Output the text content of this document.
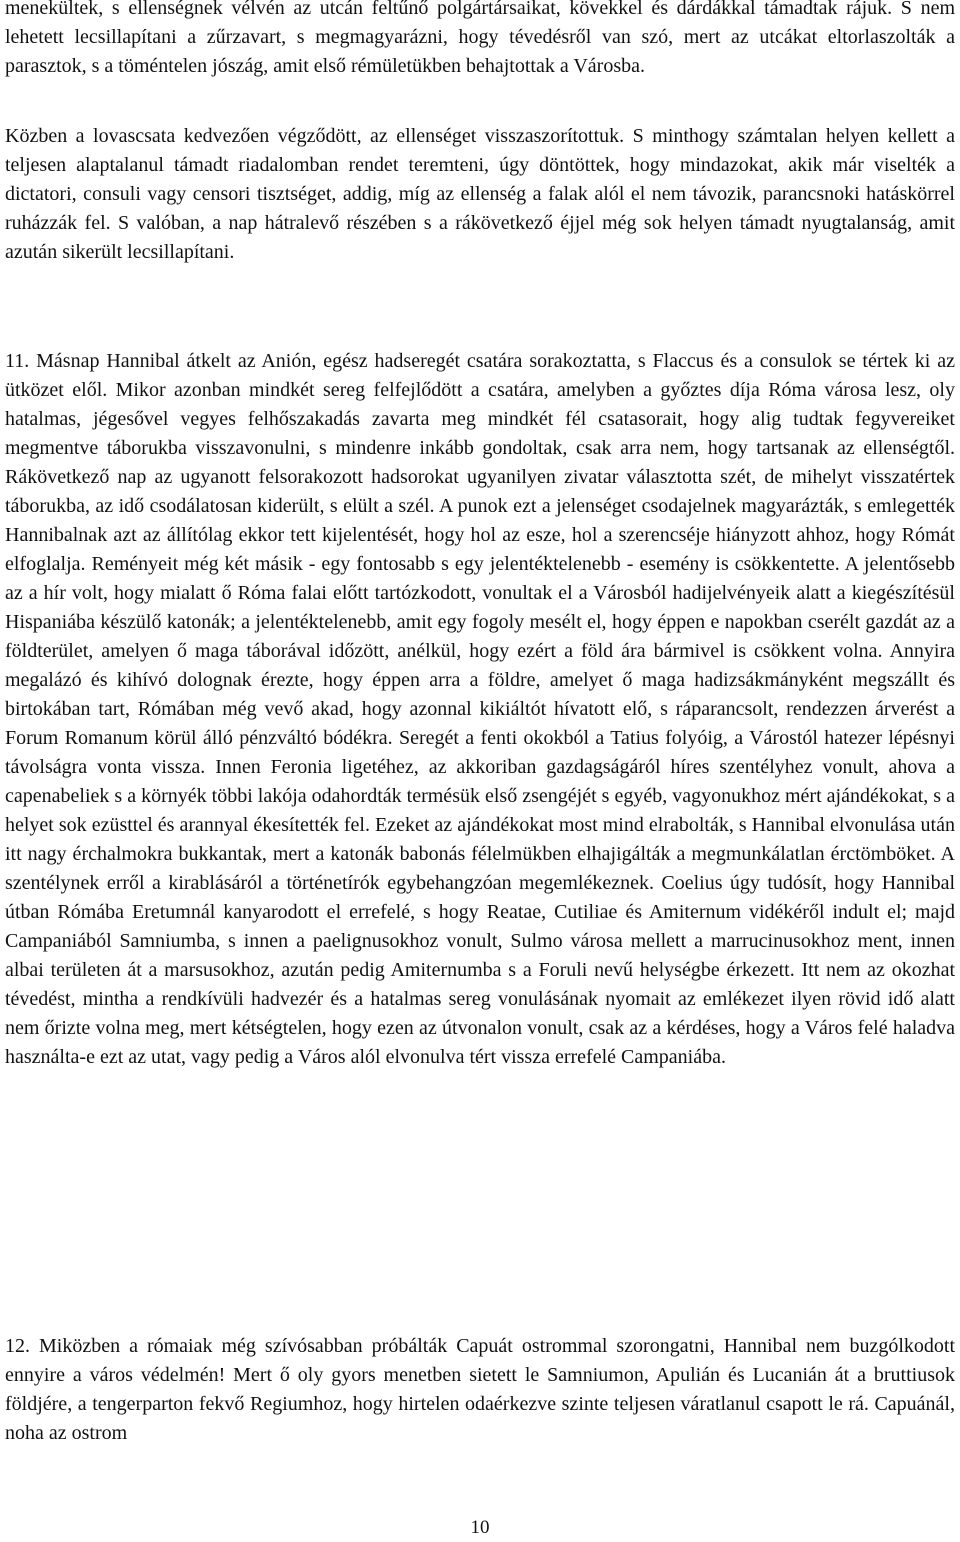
menekültek, s ellenségnek vélvén az utcán feltűnő polgártársaikat, kövekkel és dárdákkal támadtak rájuk. S nem lehetett lecsillapítani a zűrzavart, s megmagyarázni, hogy tévedésről van szó, mert az utcákat eltorlaszolták a parasztok, s a töméntelen jószág, amit első rémületükben behajtottak a Városba.

Közben a lovascsata kedvezően végződött, az ellenséget visszaszorítottuk. S minthogy számtalan helyen kellett a teljesen alaptalanul támadt riadalomban rendet teremteni, úgy döntöttek, hogy mindazokat, akik már viselték a dictatori, consuli vagy censori tisztséget, addig, míg az ellenség a falak alól el nem távozik, parancsnoki hatáskörrel ruházzák fel. S valóban, a nap hátralevő részében s a rákövetkező éjjel még sok helyen támadt nyugtalanság, amit azután sikerült lecsillapítani.

11. Másnap Hannibal átkelt az Anión, egész hadseregét csatára sorakoztatta, s Flaccus és a consulok se tértek ki az ütközet elől. Mikor azonban mindkét sereg felfejlődött a csatára, amelyben a győztes díja Róma városa lesz, oly hatalmas, jégesővel vegyes felhőszakadás zavarta meg mindkét fél csatasorait, hogy alig tudtak fegyvereiket megmentve táborukba visszavonulni, s mindenre inkább gondoltak, csak arra nem, hogy tartsanak az ellenségtől. Rákövetkező nap az ugyanott felsorakozott hadsorokat ugyanilyen zivatar választotta szét, de mihelyt visszatértek táborukba, az idő csodálatosan kiderült, s elült a szél. A punok ezt a jelenséget csodajelnek magyarázták, s emlegették Hannibalnak azt az állítólag ekkor tett kijelentését, hogy hol az esze, hol a szerencséje hiányzott ahhoz, hogy Rómát elfoglalja. Reményeit még két másik - egy fontosabb s egy jelentéktelenebb - esemény is csökkentette. A jelentősebb az a hír volt, hogy mialatt ő Róma falai előtt tartózkodott, vonultak el a Városból hadijelvényeik alatt a kiegészítésül Hispaniába készülő katonák; a jelentéktelenebb, amit egy fogoly mesélt el, hogy éppen e napokban cserélt gazdát az a földterület, amelyen ő maga táborával időzött, anélkül, hogy ezért a föld ára bármivel is csökkent volna. Annyira megalázó és kihívó dolognak érezte, hogy éppen arra a földre, amelyet ő maga hadizsákmányként megszállt és birtokában tart, Rómában még vevő akad, hogy azonnal kikiáltót hívatott elő, s ráparancsolt, rendezzen árverést a Forum Romanum körül álló pénzváltó bódékra. Seregét a fenti okokból a Tatius folyóig, a Várostól hatezer lépésnyi távolságra vonta vissza. Innen Feronia ligetéhez, az akkoriban gazdagságáról híres szentélyhez vonult, ahova a capenabeliek s a környék többi lakója odahordták termésük első zsengéjét s egyéb, vagyonukhoz mért ajándékokat, s a helyet sok ezüsttel és arannyal ékesítették fel. Ezeket az ajándékokat most mind elrabolták, s Hannibal elvonulása után itt nagy érchalmokra bukkantak, mert a katonák babonás félelmükben elhajigálták a megmunkálatlan érctömböket. A szentélynek erről a kirablásáról a történetírók egybehangzóan megemlékeznek. Coelius úgy tudósít, hogy Hannibal útban Rómába Eretumnál kanyarodott el errefelé, s hogy Reatae, Cutiliae és Amiternum vidékéről indult el; majd Campaniából Samniumba, s innen a paelignusokhoz vonult, Sulmo városa mellett a marrucinusokhoz ment, innen albai területen át a marsusokhoz, azután pedig Amiternumba s a Foruli nevű helységbe érkezett. Itt nem az okozhat tévedést, mintha a rendkívüli hadvezér és a hatalmas sereg vonulásának nyomait az emlékezet ilyen rövid idő alatt nem őrizte volna meg, mert kétségtelen, hogy ezen az útvonalon vonult, csak az a kérdéses, hogy a Város felé haladva használta-e ezt az utat, vagy pedig a Város alól elvonulva tért vissza errefelé Campaniába.

12. Miközben a rómaiak még szívósabban próbálták Capuát ostrommal szorongatni, Hannibal nem buzgólkodott ennyire a város védelmén! Mert ő oly gyors menetben sietett le Samniumon, Apulián és Lucanián át a bruttiusok földjére, a tengerparton fekvő Regiumhoz, hogy hirtelen odaérkezve szinte teljesen váratlanul csapott le rá. Capuánál, noha az ostrom

10
